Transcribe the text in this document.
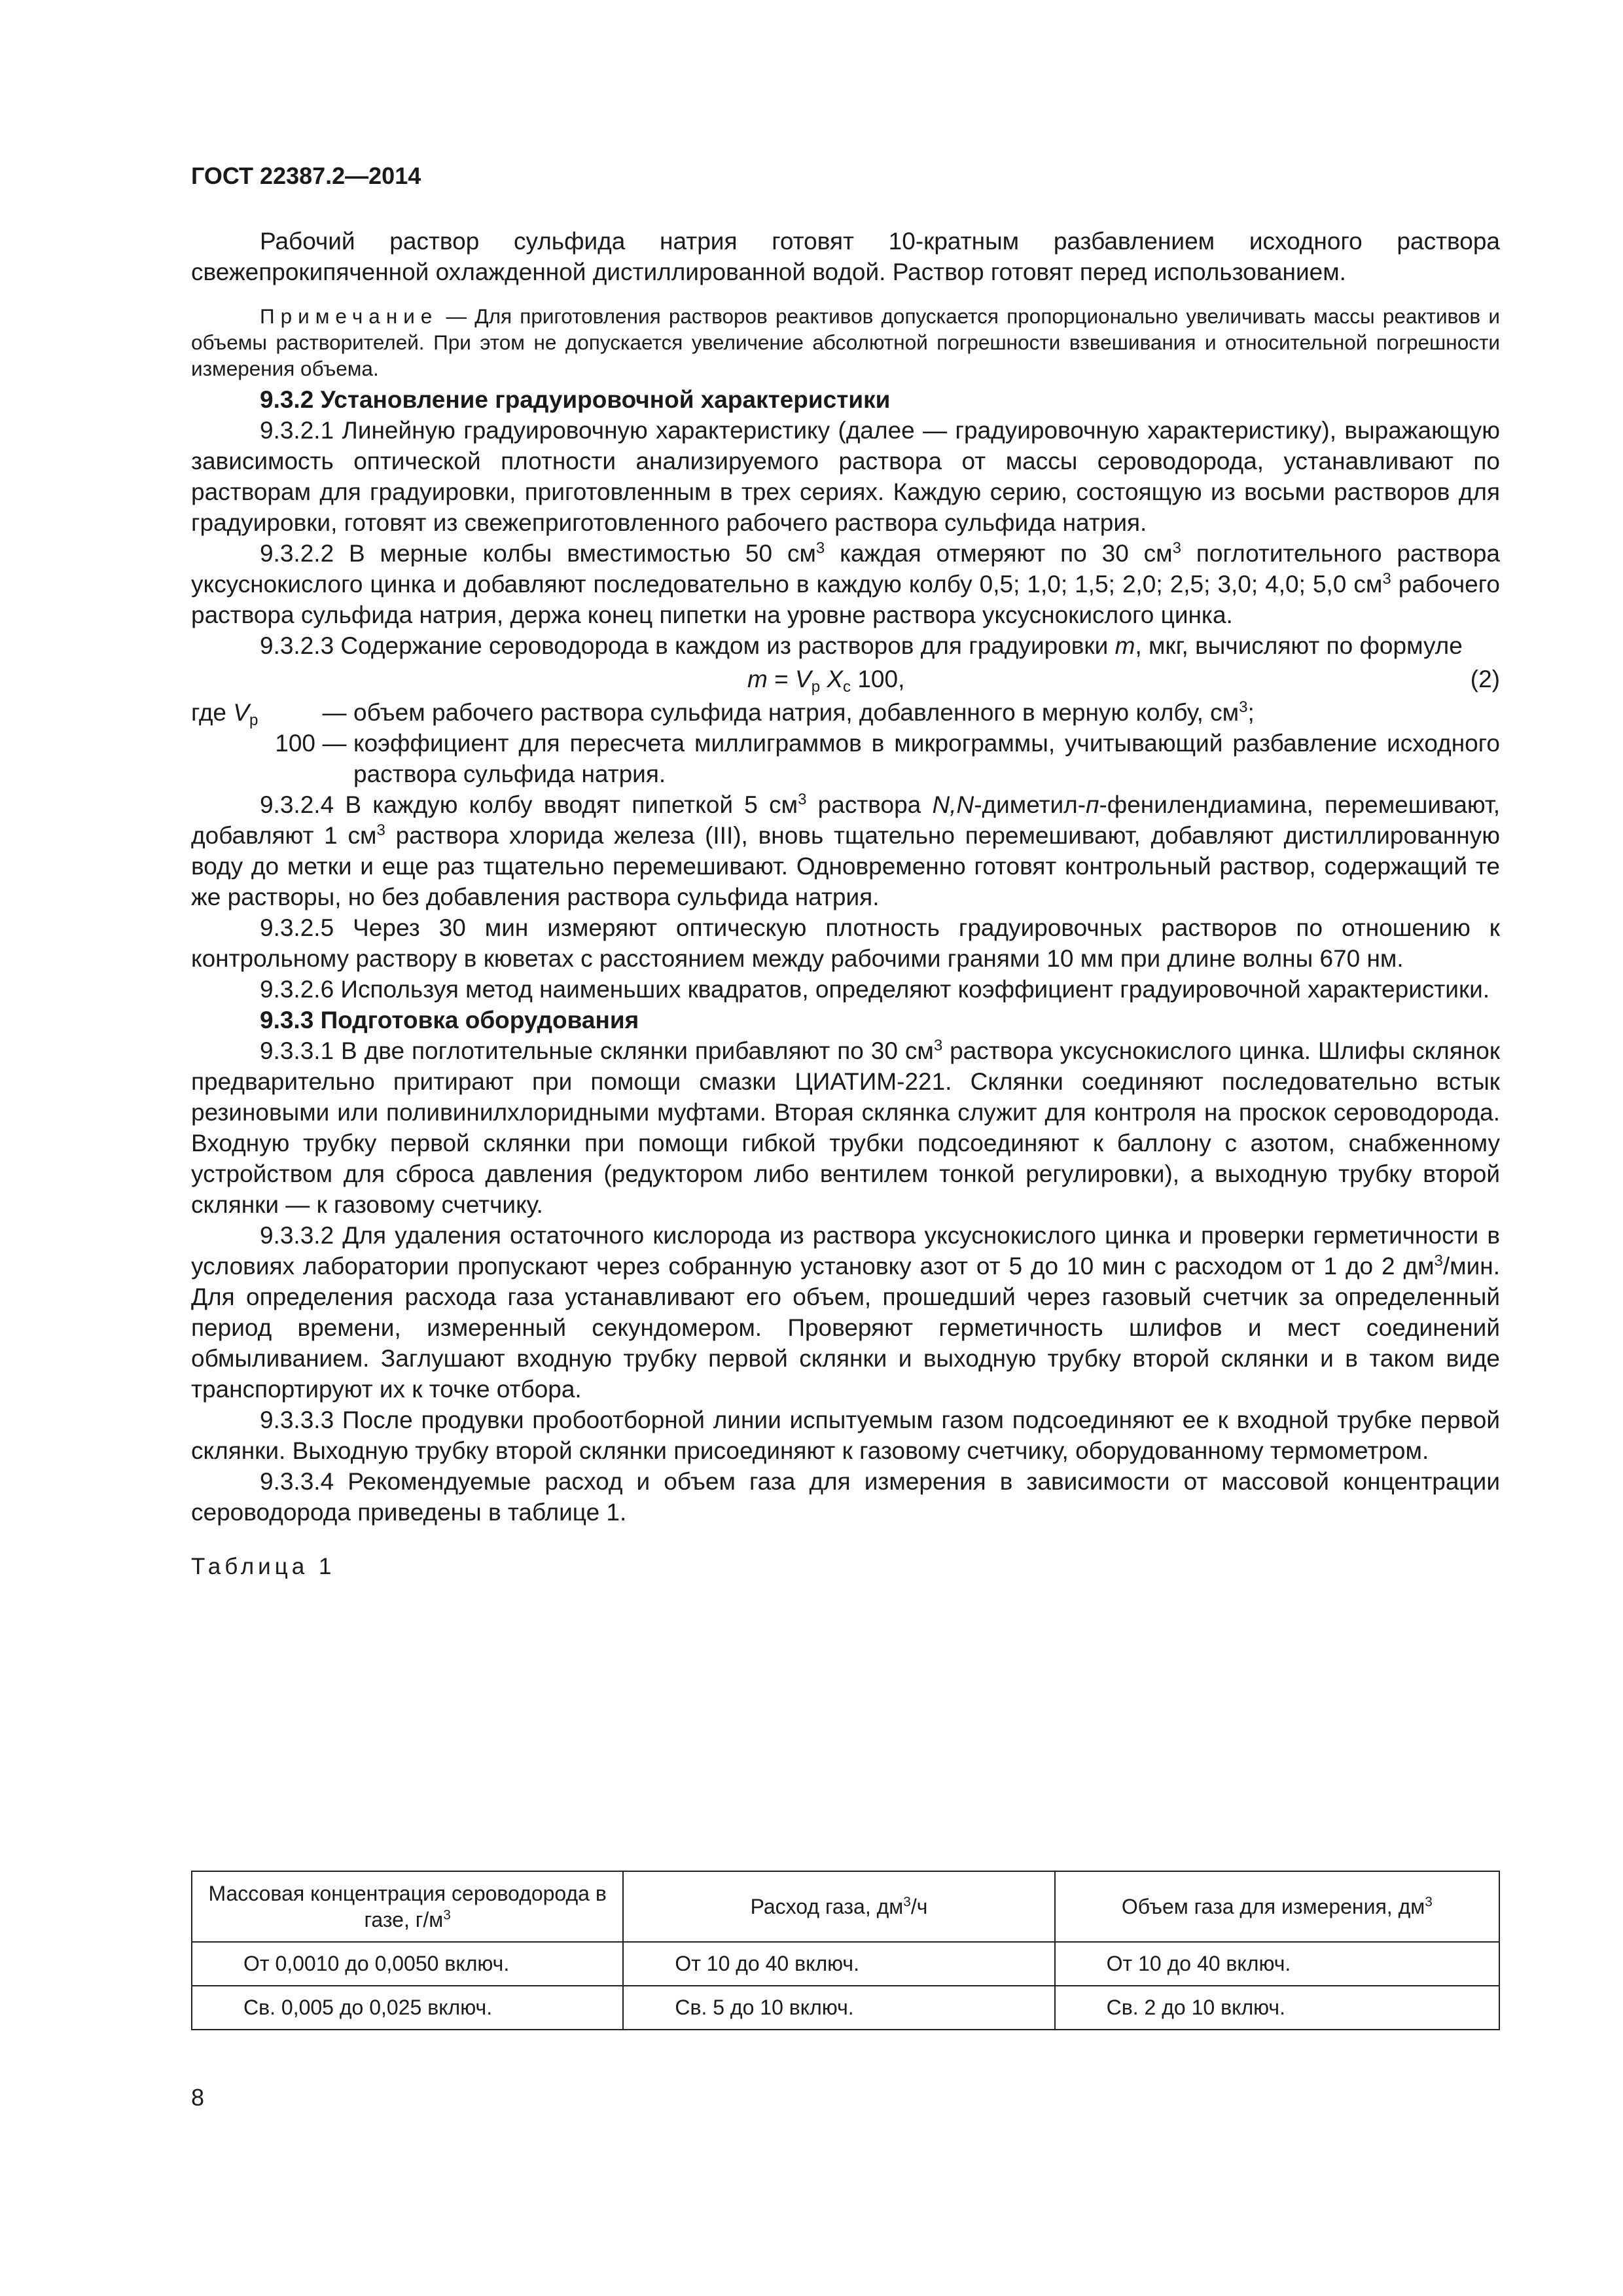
ГОСТ 22387.2—2014

Рабочий раствор сульфида натрия готовят 10-кратным разбавлением исходного раствора свежепрокипяченной охлажденной дистиллированной водой. Раствор готовят перед использованием.

Примечание — Для приготовления растворов реактивов допускается пропорционально увеличивать массы реактивов и объемы растворителей. При этом не допускается увеличение абсолютной погрешности взвешивания и относительной погрешности измерения объема.

9.3.2 Установление градуировочной характеристики

9.3.2.1 Линейную градуировочную характеристику (далее — градуировочную характеристику), выражающую зависимость оптической плотности анализируемого раствора от массы сероводорода, устанавливают по растворам для градуировки, приготовленным в трех сериях. Каждую серию, состоящую из восьми растворов для градуировки, готовят из свежеприготовленного рабочего раствора сульфида натрия.

9.3.2.2 В мерные колбы вместимостью 50 $см^3$ каждая отмеряют по 30 $см^3$ поглотительного раствора уксуснокислого цинка и добавляют последовательно в каждую колбу 0,5; 1,0; 1,5; 2,0; 2,5; 3,0; 4,0; 5,0 $см^3$ рабочего раствора сульфида натрия, держа конец пипетки на уровне раствора уксуснокислого цинка.

9.3.2.3 Содержание сероводорода в каждом из растворов для градуировки m, мкг, вычисляют по формуле

$m = V_p$ $X_c$ 100,	(2)
где $V_p$	— объем рабочего раствора сульфида натрия, добавленного в мерную колбу, $см^3$;
100 — коэффициент для пересчета миллиграммов в микрограммы, учитывающий разбавление исходного раствора сульфида натрия.

9.3.2.4 В каждую колбу вводят пипеткой 5 $см^3$ раствора N,N-диметил-п-фенилендиамина, перемешивают, добавляют 1 $см^3$ раствора хлорида железа (III), вновь тщательно перемешивают, добавляют дистиллированную воду до метки и еще раз тщательно перемешивают. Одновременно готовят контрольный раствор, содержащий те же растворы, но без добавления раствора сульфида натрия.

9.3.2.5 Через 30 мин измеряют оптическую плотность градуировочных растворов по отношению к контрольному раствору в кюветах с расстоянием между рабочими гранями 10 мм при длине волны 670 нм.

9.3.2.6 Используя метод наименьших квадратов, определяют коэффициент градуировочной характеристики.

9.3.3 Подготовка оборудования

9.3.3.1 В две поглотительные склянки прибавляют по 30 $см^3$ раствора уксуснокислого цинка. Шлифы склянок предварительно притирают при помощи смазки ЦИАТИМ-221. Склянки соединяют последовательно встык резиновыми или поливинилхлоридными муфтами. Вторая склянка служит для контроля на проскок сероводорода. Входную трубку первой склянки при помощи гибкой трубки подсоединяют к баллону с азотом, снабженному устройством для сброса давления (редуктором либо вентилем тонкой регулировки), а выходную трубку второй склянки — к газовому счетчику.

9.3.3.2 Для удаления остаточного кислорода из раствора уксуснокислого цинка и проверки герметичности в условиях лаборатории пропускают через собранную установку азот от 5 до 10 мин с расходом от 1 до 2 $дм^3$/мин. Для определения расхода газа устанавливают его объем, прошедший через газовый счетчик за определенный период времени, измеренный секундомером. Проверяют герметичность шлифов и мест соединений обмыливанием. Заглушают входную трубку первой склянки и выходную трубку второй склянки и в таком виде транспортируют их к точке отбора.

9.3.3.3 После продувки пробоотборной линии испытуемым газом подсоединяют ее к входной трубке первой склянки. Выходную трубку второй склянки присоединяют к газовому счетчику, оборудованному термометром.

9.3.3.4 Рекомендуемые расход и объем газа для измерения в зависимости от массовой концентрации сероводорода приведены в таблице 1.

Таблица 1

Массовая концентрация сероводорода в газе, $г/м^3$	Расход газа, $дм^3/ч$	Объем газа для измерения, $дм^3$
От 0,0010 до 0,0050 включ.	От 10 до 40 включ.	От 10 до 40 включ.
Св. 0,005 до 0,025 включ.	Св. 5 до 10 включ.	Св. 2 до 10 включ.
8
